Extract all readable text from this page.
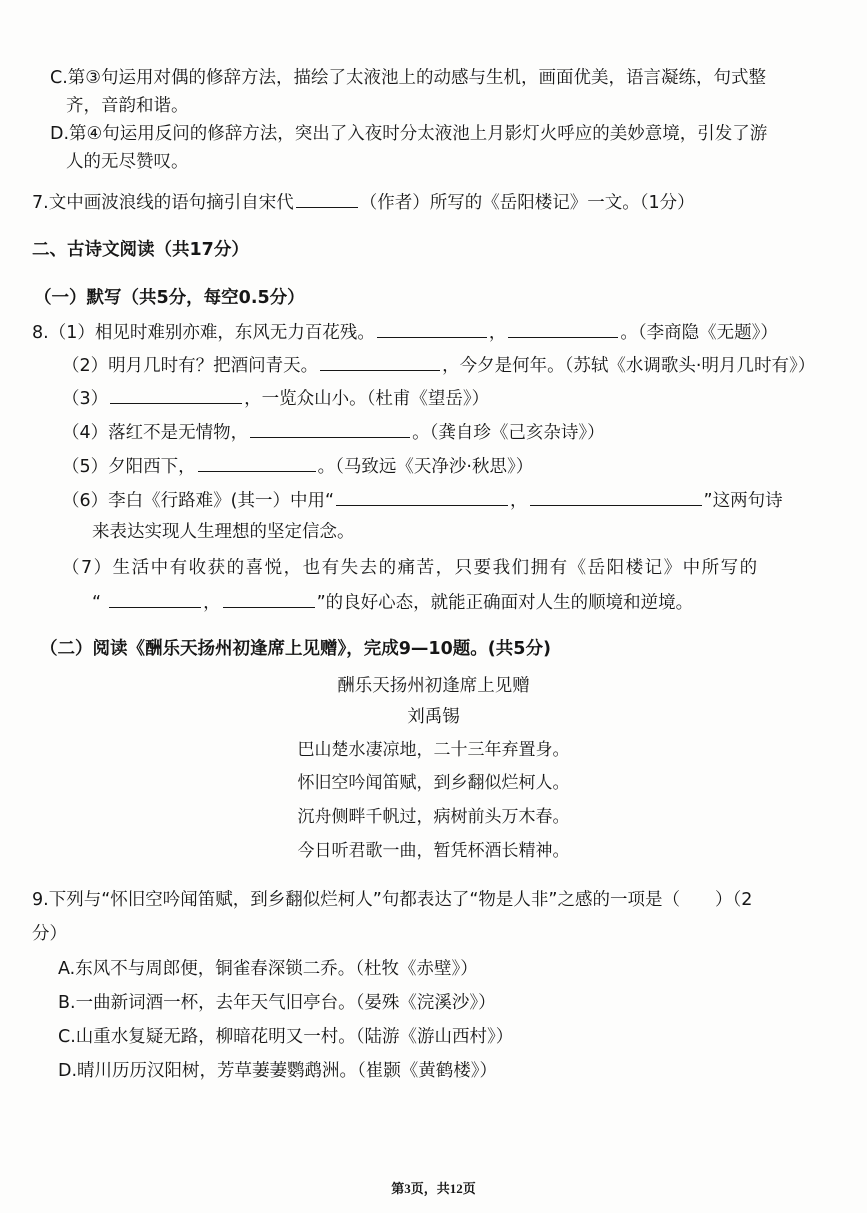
C.第③句运用对偶的修辞方法，描绘了太液池上的动感与生机，画面优美，语言凝练，句式整
齐，音韵和谐。
D.第④句运用反问的修辞方法，突出了入夜时分太液池上月影灯火呼应的美妙意境，引发了游
人的无尽赞叹。
7.文中画波浪线的语句摘引自宋代	（作者）所写的《岳阳楼记》一文。（1分）
二、古诗文阅读（共17分）
（一）默写（共5分，每空0.5分）
8.（1）相见时难别亦难，东风无力百花残。	，	。（李商隐《无题》）
（2）明月几时有？把酒问青天。	，今夕是何年。（苏轼《水调歌头·明月几时有》）
（3）	，一览众山小。（杜甫《望岳》）
（4）落红不是无情物，	。（龚自珍《己亥杂诗》）
（5）夕阳西下，	。（马致远《天净沙·秋思》）
（6）李白《行路难》(其一）中用“	，	”这两句诗
来表达实现人生理想的坚定信念。
（7）生活中有收获的喜悦，也有失去的痛苦，只要我们拥有《岳阳楼记》中所写的
“	，	”的良好心态，就能正确面对人生的顺境和逆境。
（二）阅读《酬乐天扬州初逢席上见赠》，完成9—10题。(共5分)
酬乐天扬州初逢席上见赠
刘禹锡
巴山楚水凄凉地，二十三年弃置身。
怀旧空吟闻笛赋，到乡翻似烂柯人。
沉舟侧畔千帆过，病树前头万木春。
今日听君歌一曲，暂凭杯酒长精神。
9.下列与“怀旧空吟闻笛赋，到乡翻似烂柯人”句都表达了“物是人非”之感的一项是（　　）（2
分）
A.东风不与周郎便，铜雀春深锁二乔。（杜牧《赤壁》）
B.一曲新词酒一杯，去年天气旧亭台。（晏殊《浣溪沙》）
C.山重水复疑无路，柳暗花明又一村。（陆游《游山西村》）
D.晴川历历汉阳树，芳草萋萋鹦鹉洲。（崔颢《黄鹤楼》）
第3页，共12页
